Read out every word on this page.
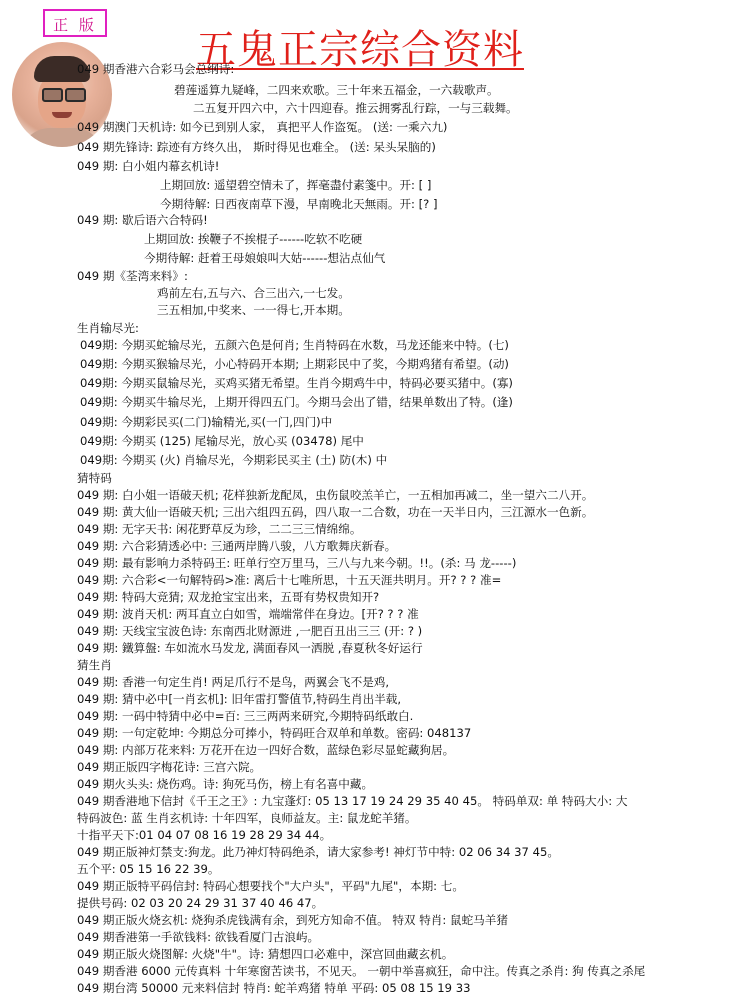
正 版
五鬼正宗综合资料
049 期香港六合彩马会总纲诗:
碧莲遥算九疑峰，二四来欢歌。三十年来五福金，一六载歌声。
二五复开四六中，六十四迎春。推云拥雾乱行踪，一与三载舞。
049 期澳门天机诗: 如今已到别人家， 真把平人作盗冤。 (送: 一乘六九)
049 期先锋诗: 踪迹有方终久出， 斯时得见也难全。 (送: 呆头呆脑的)
049 期: 白小姐内幕玄机诗!
上期回放: 遥望碧空情未了，挥毫盡付素箋中。开: [ ]
今期待解: 日西夜南草下漫，早南晚北天無雨。开: [? ]
049 期: 歇后语六合特码!
上期回放: 挨鞭子不挨棍子------吃软不吃硬
今期待解: 赶着王母娘娘叫大姑------想沾点仙气
049 期《荃湾来料》:
鸡前左右,五与六、合三出六,一七发。
三五相加,中奖来、一一得七,开本期。
生肖输尽光:
049期: 今期买蛇输尽光，五颜六色是何肖; 生肖特码在水数，马龙还能来中特。(七)
049期: 今期买猴输尽光，小心特码开本期; 上期彩民中了奖，今期鸡猪有希望。(动)
049期: 今期买鼠输尽光，买鸡买猪无希望。生肖今期鸡牛中，特码必要买猪中。(寡)
049期: 今期买牛输尽光，上期开得四五门。今期马会出了错，结果单数出了特。(逢)
049期: 今期彩民买(二门)输精光,买(一门,四门)中
049期: 今期买 (125) 尾输尽光，放心买 (03478) 尾中
049期: 今期买 (火) 肖输尽光，今期彩民买主 (土) 防(木) 中
猜特码
049 期: 白小姐一语破天机; 花样独新龙配凤，虫伤鼠咬羔羊亡，一五相加再减二，坐一望六二八开。
049 期: 黄大仙一语破天机; 三出六组四五码，四八取一二合数，功在一天半日内，三江源水一色新。
049 期: 无字天书: 闲花野草反为珍，二二三三情绵绵。
049 期: 六合彩猜透必中: 三通两岸腾八骏，八方歌舞庆新春。
049 期: 最有影响力杀特码王: 旺单行空万里马，三八与九来今朝。!!。(杀: 马 龙-----)
049 期: 六合彩<一句解特码>准: 离后十七唯所思，十五天涯共明月。开? ? ? 准=
049 期: 特码大竞猜; 双龙抢宝宝出来，五哥有势权贵知开?
049 期: 波肖天机: 两耳直立白如雪，端端常伴在身边。[开? ? ? 准
049 期: 天线宝宝波色诗: 东南西北财源进 ,一肥百丑出三三 (开: ? )
049 期: 鐵算盤: 车如流水马发龙, 满面春风一洒脱 ,春夏秋冬好运行
猜生肖
049 期: 香港一句定生肖! 两足爪行不是鸟，两翼会飞不是鸡,
049 期: 猜中必中[一肖玄机]: 旧年雷打警值节,特码生肖出半载,
049 期: 一码中特猜中必中=百: 三三两两来研究,今期特码纸敢白.
049 期: 一句定乾坤: 今期总分可捧小，特码旺合双单和单数。密码: 048137
049 期: 内部万花来料: 万花开在边一四好合数，蓝绿色彩尽显蛇藏狗居。
049 期正版四字梅花诗: 三宫六院。
049 期火头头: 烧伤鸡。诗: 狗死马伤，榜上有名喜中藏。
049 期香港地下信封《千王之王》: 九宝蓬灯: 05 13 17 19 24 29 35 40 45。 特码单双: 单 特码大小: 大
特码波色: 蓝 生肖玄机诗: 十年四军，良师益友。主: 鼠龙蛇羊猪。
十指平天下:01 04 07 08 16 19 28 29 34 44。
049 期正版神灯禁支:狗龙。此乃神灯特码绝杀，请大家参考! 神灯节中特: 02 06 34 37 45。
五个平: 05 15 16 22 39。
049 期正版特平码信封: 特码心想要找个"大户头"，平码"九尾"，本期: 七。
提供号码: 02 03 20 24 29 31 37 40 46 47。
049 期正版火烧玄机: 烧狗杀虎钱满有余，到死方知命不值。 特双 特肖: 鼠蛇马羊猪
049 期香港第一手欲钱料: 欲钱看厦门古浪屿。
049 期正版火烧图解: 火烧"牛"。诗: 猜想四口必难中，深宫回曲藏玄机。
049 期香港 6000 元传真料 十年寒窗苦读书，不见天。 一朝中举喜疯狂，命中注。传真之杀肖: 狗 传真之杀尾
049 期台湾 50000 元来料信封 特肖: 蛇羊鸡猪 特单 平码: 05 08 15 19 33
